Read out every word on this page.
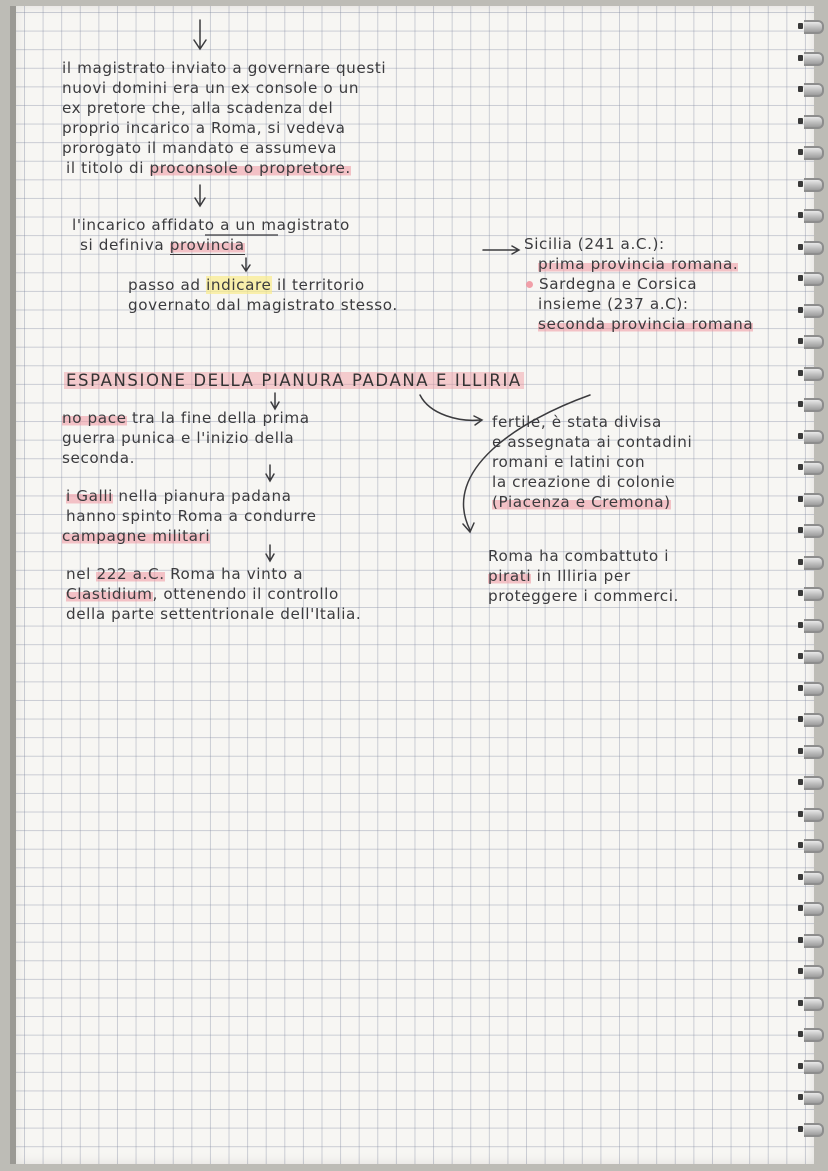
il magistrato inviato a governare questi
nuovi domini era un ex console o un
ex pretore che, alla scadenza del
proprio incarico a Roma, si vedeva
prorogato il mandato e assumeva
il titolo di proconsole o propretore.
l'incarico affidato a un magistrato
si definiva provincia
passo ad indicare il territorio
governato dal magistrato stesso.
Sicilia (241 a.C.):
prima provincia romana.
Sardegna e Corsica
insieme (237 a.C):
seconda provincia romana
ESPANSIONE DELLA PIANURA PADANA E ILLIRIA
no pace tra la fine della prima
guerra punica e l'inizio della
seconda.
i Galli nella pianura padana
hanno spinto Roma a condurre
campagne militari
nel 222 a.C. Roma ha vinto a
Clastidium, ottenendo il controllo
della parte settentrionale dell'Italia.
fertile, è stata divisa
e assegnata ai contadini
romani e latini con
la creazione di colonie
(Piacenza e Cremona)
Roma ha combattuto i
pirati in Illiria per
proteggere i commerci.
